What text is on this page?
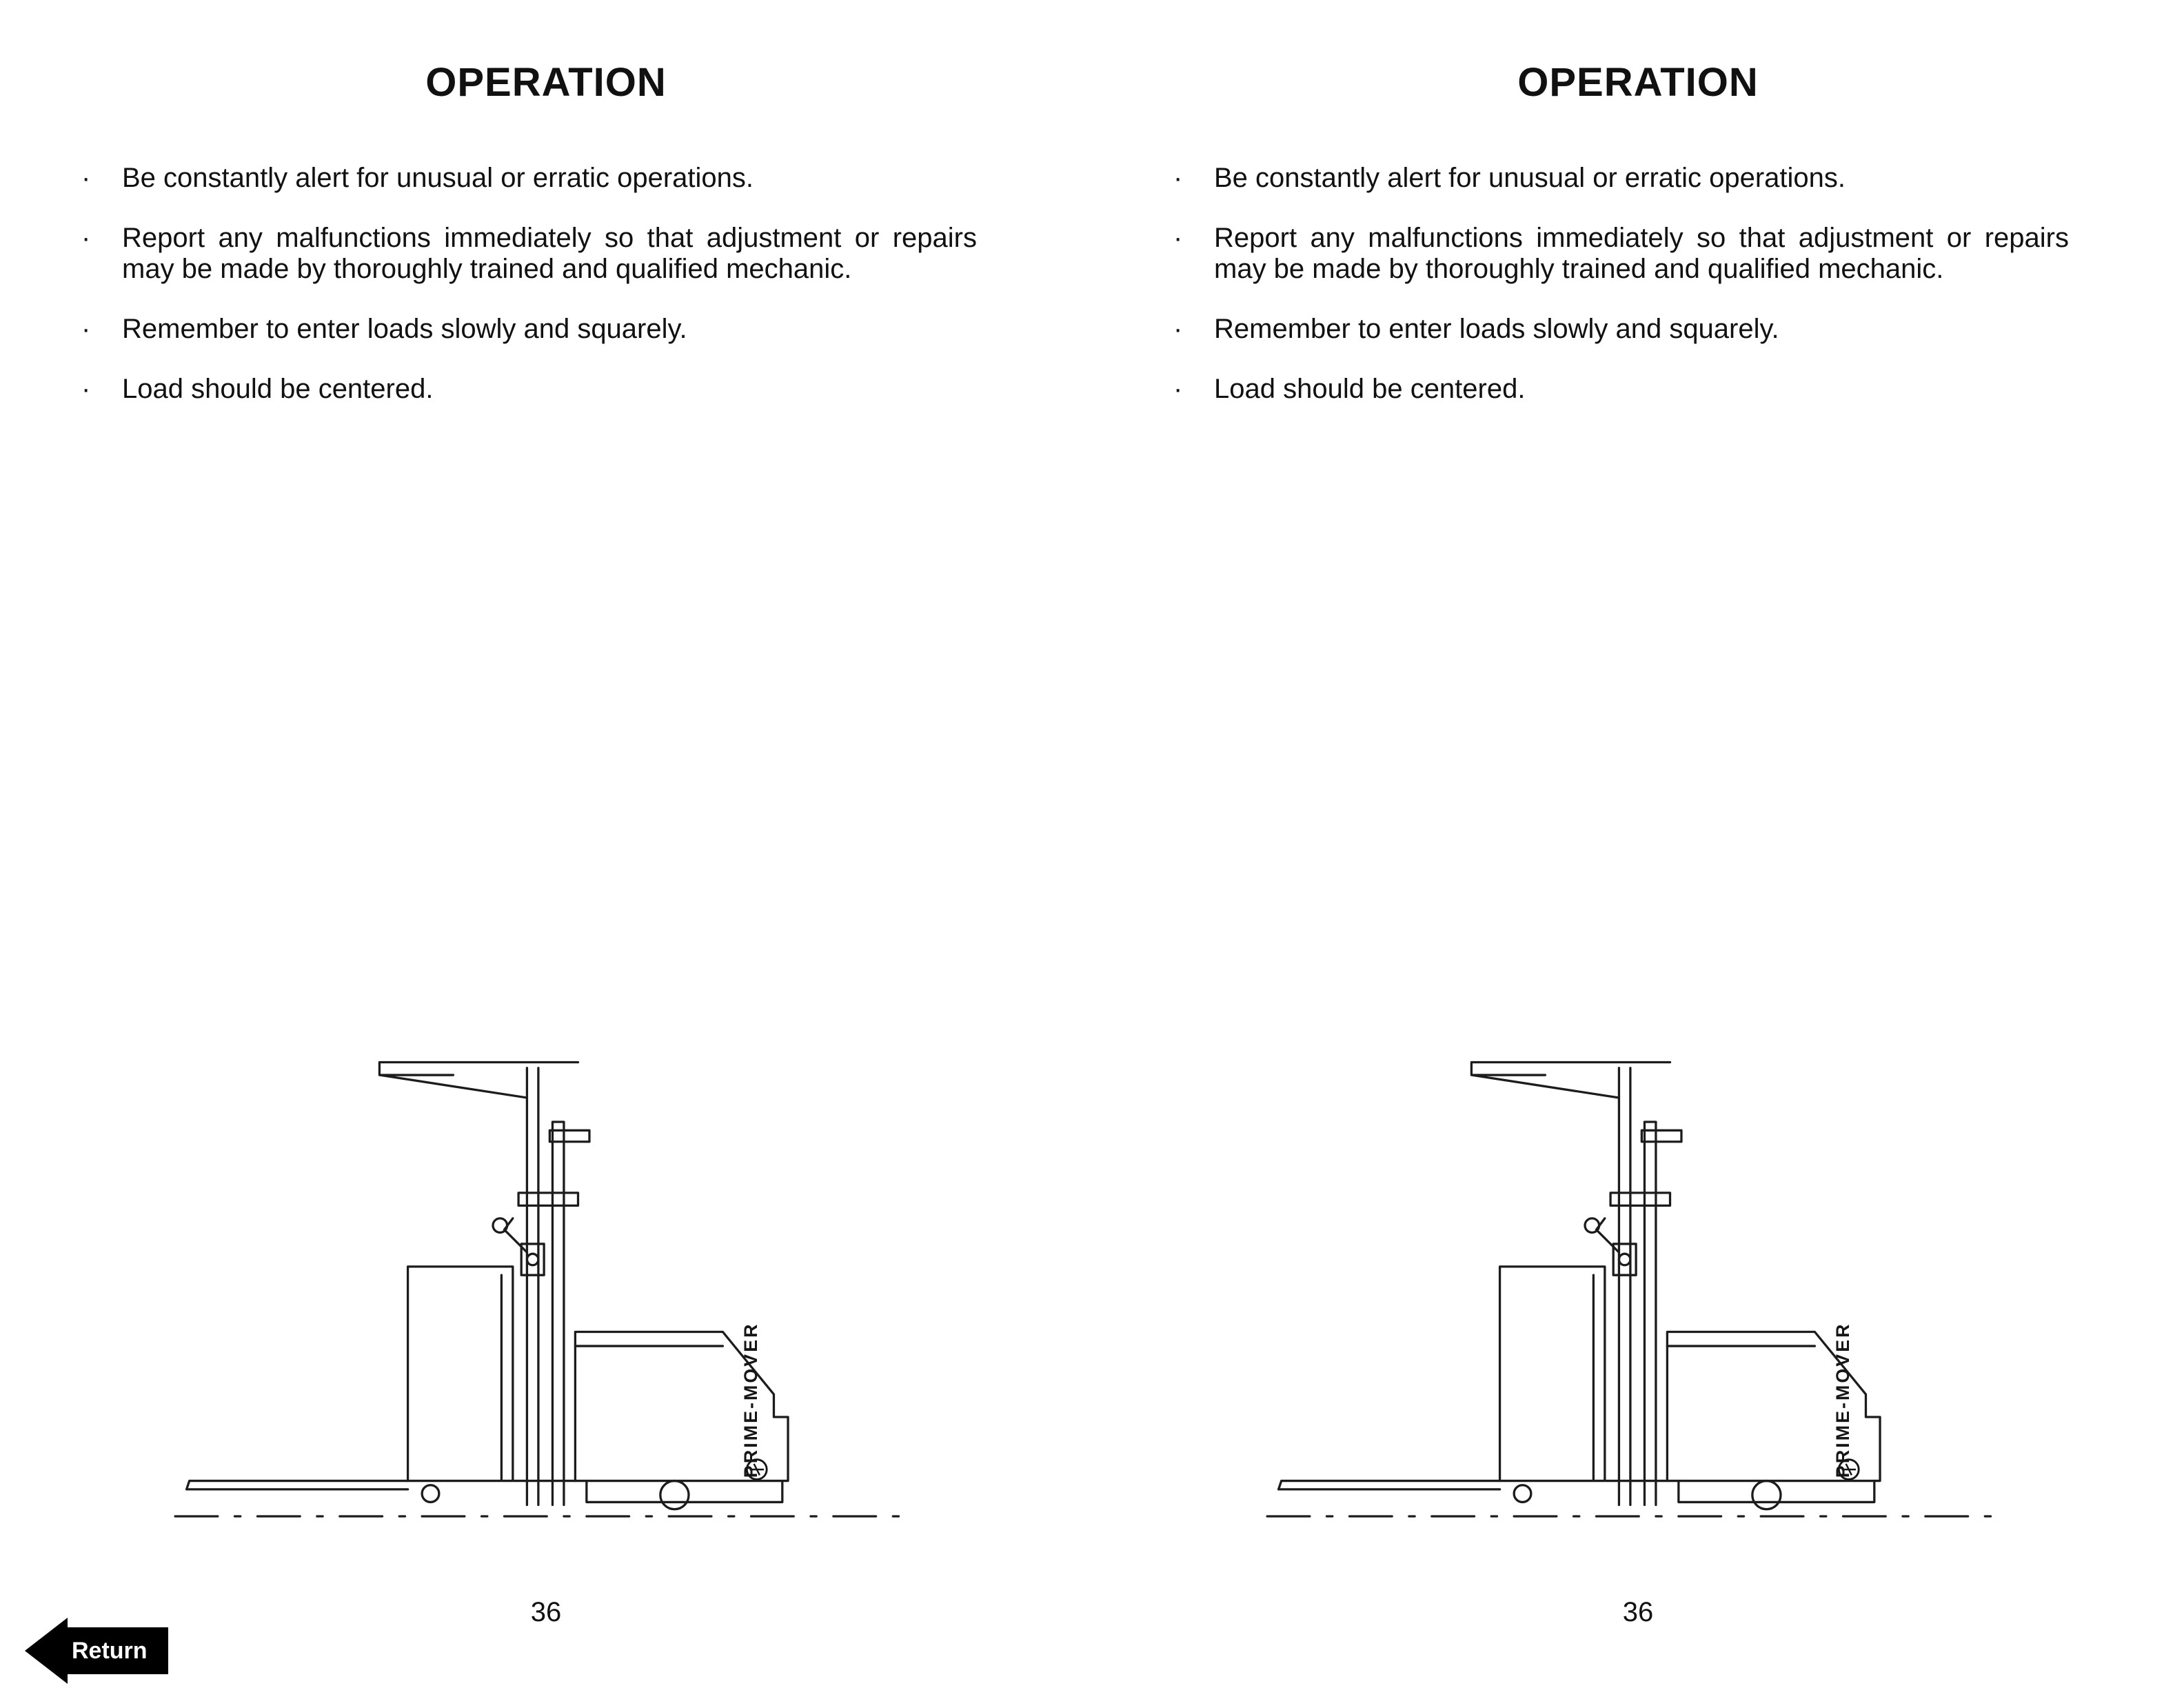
OPERATION
·	Be constantly alert for unusual or erratic operations.
·	Report any malfunctions immediately so that adjustment or repairs may be made by thoroughly trained and qualified mechanic.
·	Remember to enter loads slowly and squarely.
·	Load should be centered.
36
OPERATION
·	Be constantly alert for unusual or erratic operations.
·	Report any malfunctions immediately so that adjustment or repairs may be made by thoroughly trained and qualified mechanic.
·	Remember to enter loads slowly and squarely.
·	Load should be centered.
36
Return
